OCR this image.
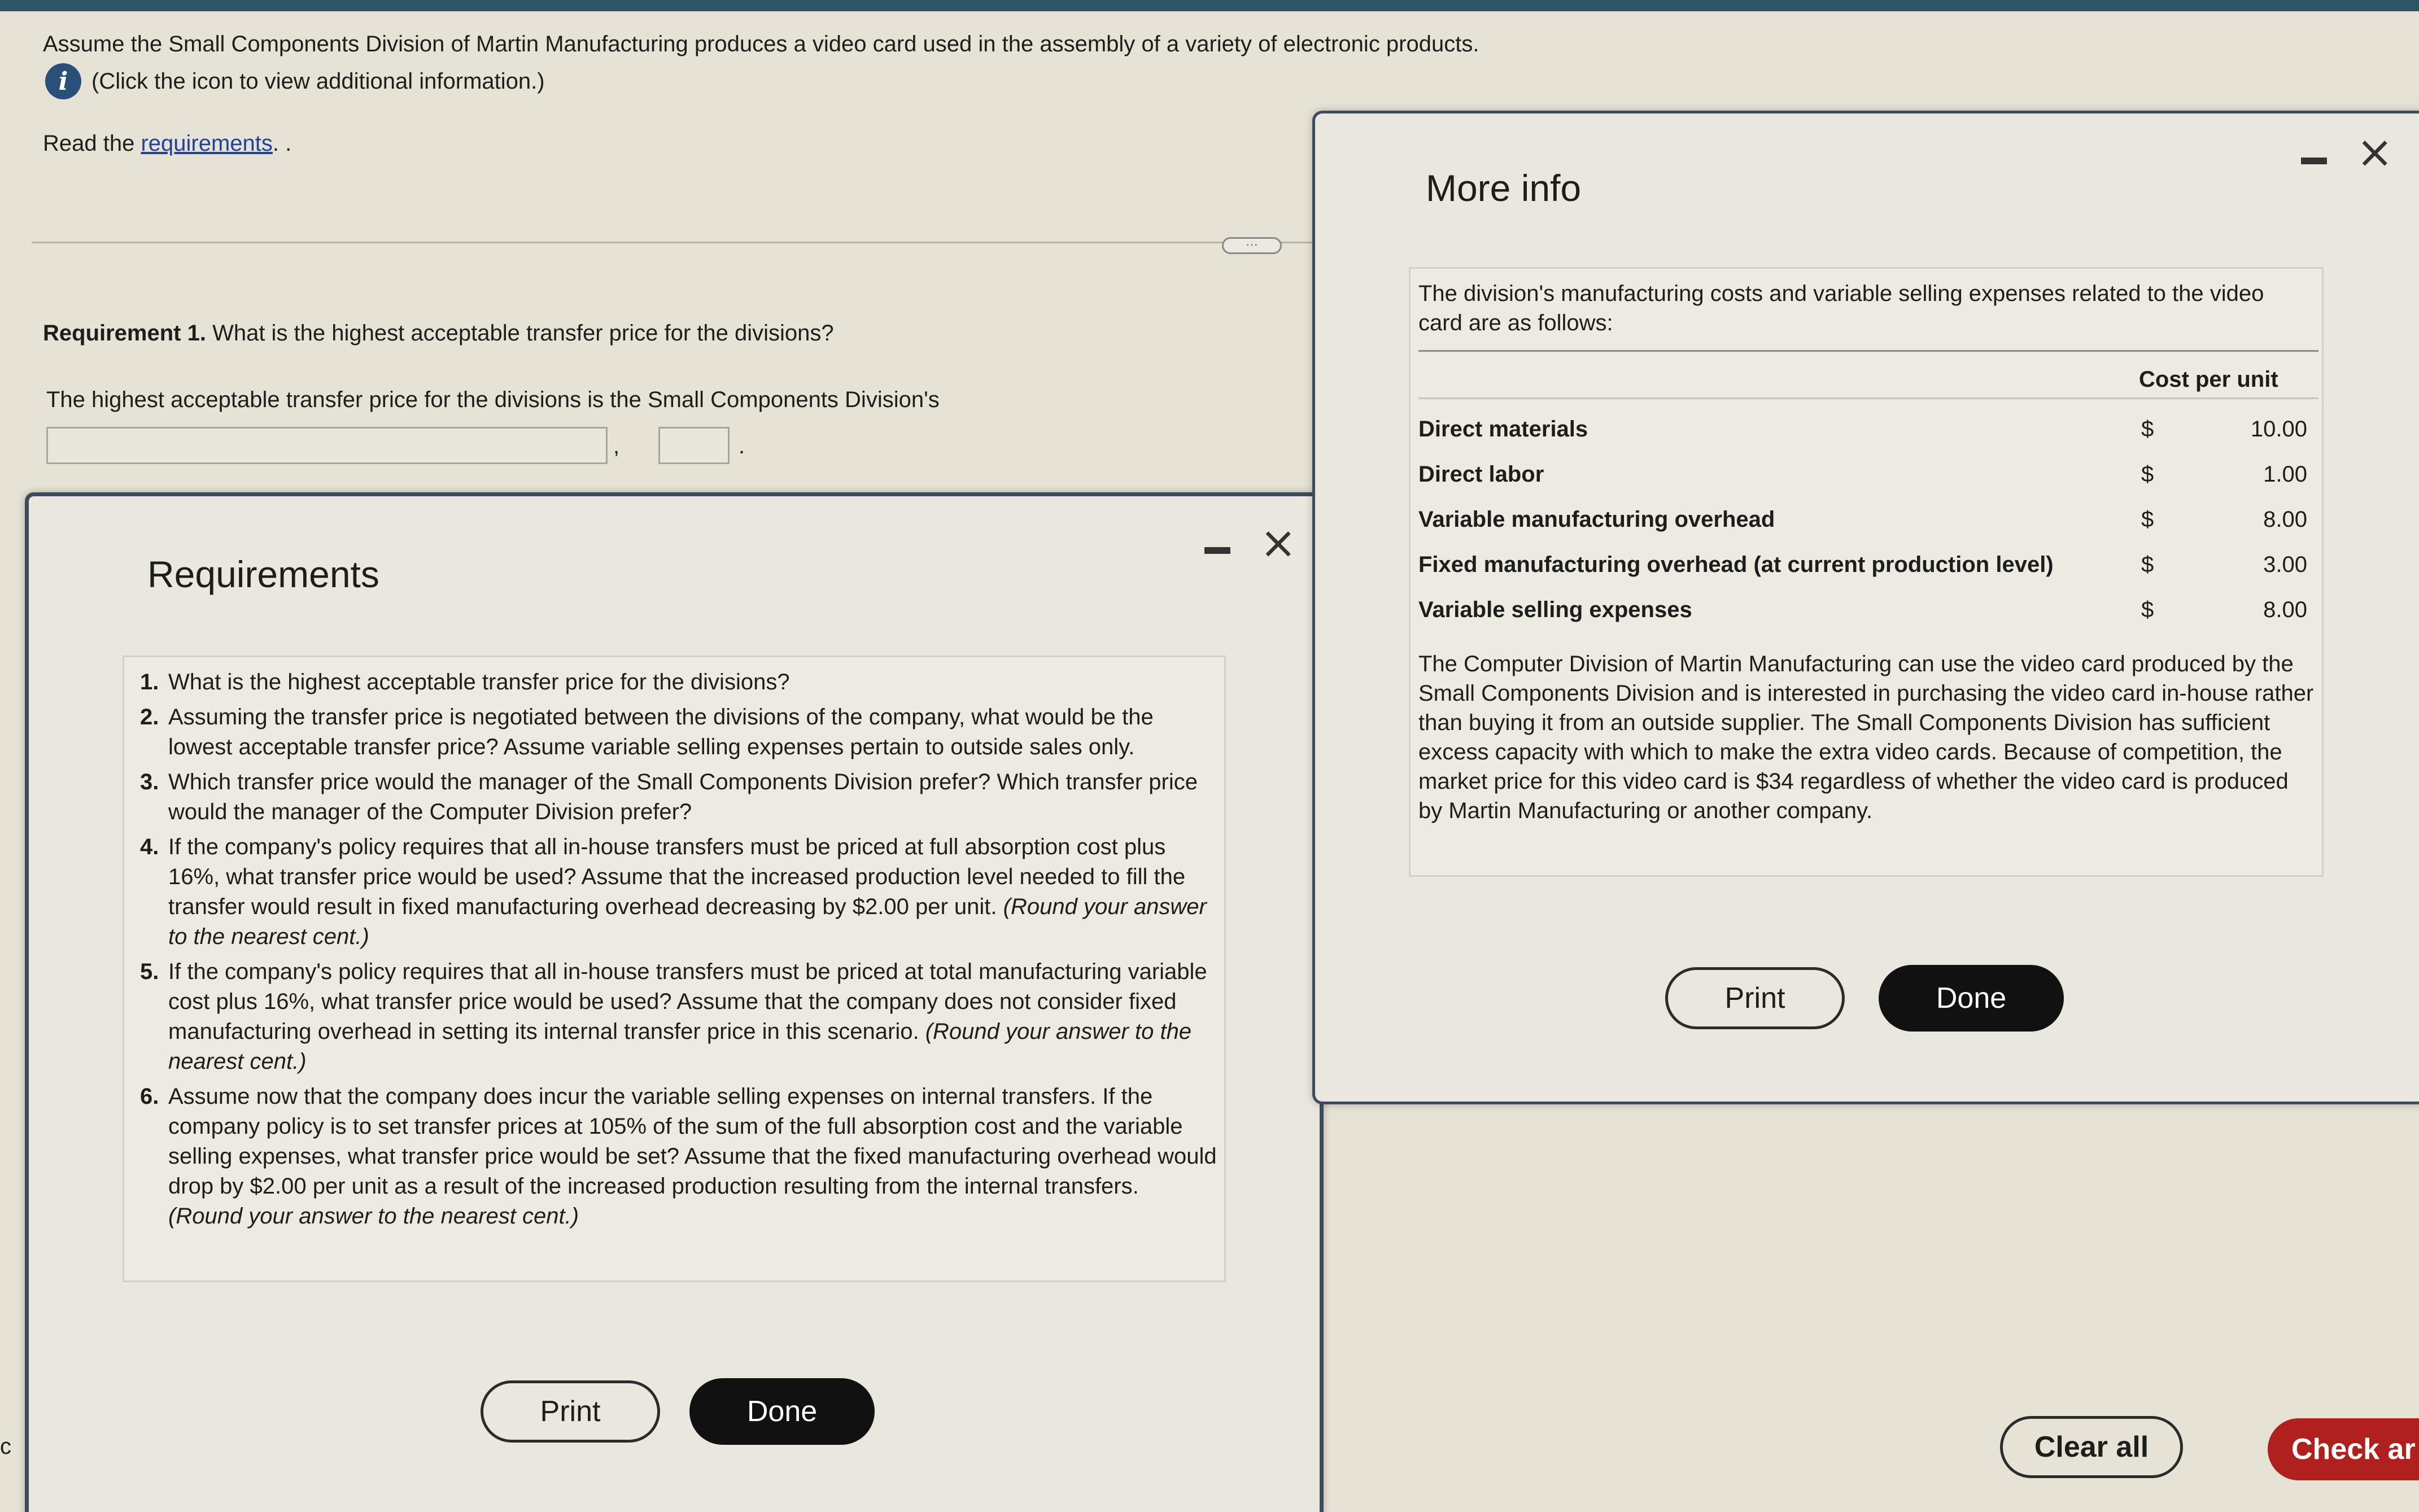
Assume the Small Components Division of Martin Manufacturing produces a video card used in the assembly of a variety of electronic products.
i	(Click the icon to view additional information.)
Read the requirements. .
···
Requirement 1. What is the highest acceptable transfer price for the divisions?
The highest acceptable transfer price for the divisions is the Small Components Division's
,	.
Requirements
×
1. What is the highest acceptable transfer price for the divisions?
2. Assuming the transfer price is negotiated between the divisions of the company, what would be the lowest acceptable transfer price? Assume variable selling expenses pertain to outside sales only.
3. Which transfer price would the manager of the Small Components Division prefer? Which transfer price would the manager of the Computer Division prefer?
4. If the company's policy requires that all in-house transfers must be priced at full absorption cost plus 16%, what transfer price would be used? Assume that the increased production level needed to fill the transfer would result in fixed manufacturing overhead decreasing by $2.00 per unit. (Round your answer to the nearest cent.)
5. If the company's policy requires that all in-house transfers must be priced at total manufacturing variable cost plus 16%, what transfer price would be used? Assume that the company does not consider fixed manufacturing overhead in setting its internal transfer price in this scenario. (Round your answer to the nearest cent.)
6. Assume now that the company does incur the variable selling expenses on internal transfers. If the company policy is to set transfer prices at 105% of the sum of the full absorption cost and the variable selling expenses, what transfer price would be set? Assume that the fixed manufacturing overhead would drop by $2.00 per unit as a result of the increased production resulting from the internal transfers. (Round your answer to the nearest cent.)
Print	Done
More info
×
The division's manufacturing costs and variable selling expenses related to the video card are as follows:
Cost per unit
Direct materials	$	10.00
Direct labor	$	1.00
Variable manufacturing overhead	$	8.00
Fixed manufacturing overhead (at current production level)	$	3.00
Variable selling expenses	$	8.00
The Computer Division of Martin Manufacturing can use the video card produced by the Small Components Division and is interested in purchasing the video card in-house rather than buying it from an outside supplier. The Small Components Division has sufficient excess capacity with which to make the extra video cards. Because of competition, the market price for this video card is $34 regardless of whether the video card is produced by Martin Manufacturing or another company.
Print	Done
Clear all	Check ar
c
